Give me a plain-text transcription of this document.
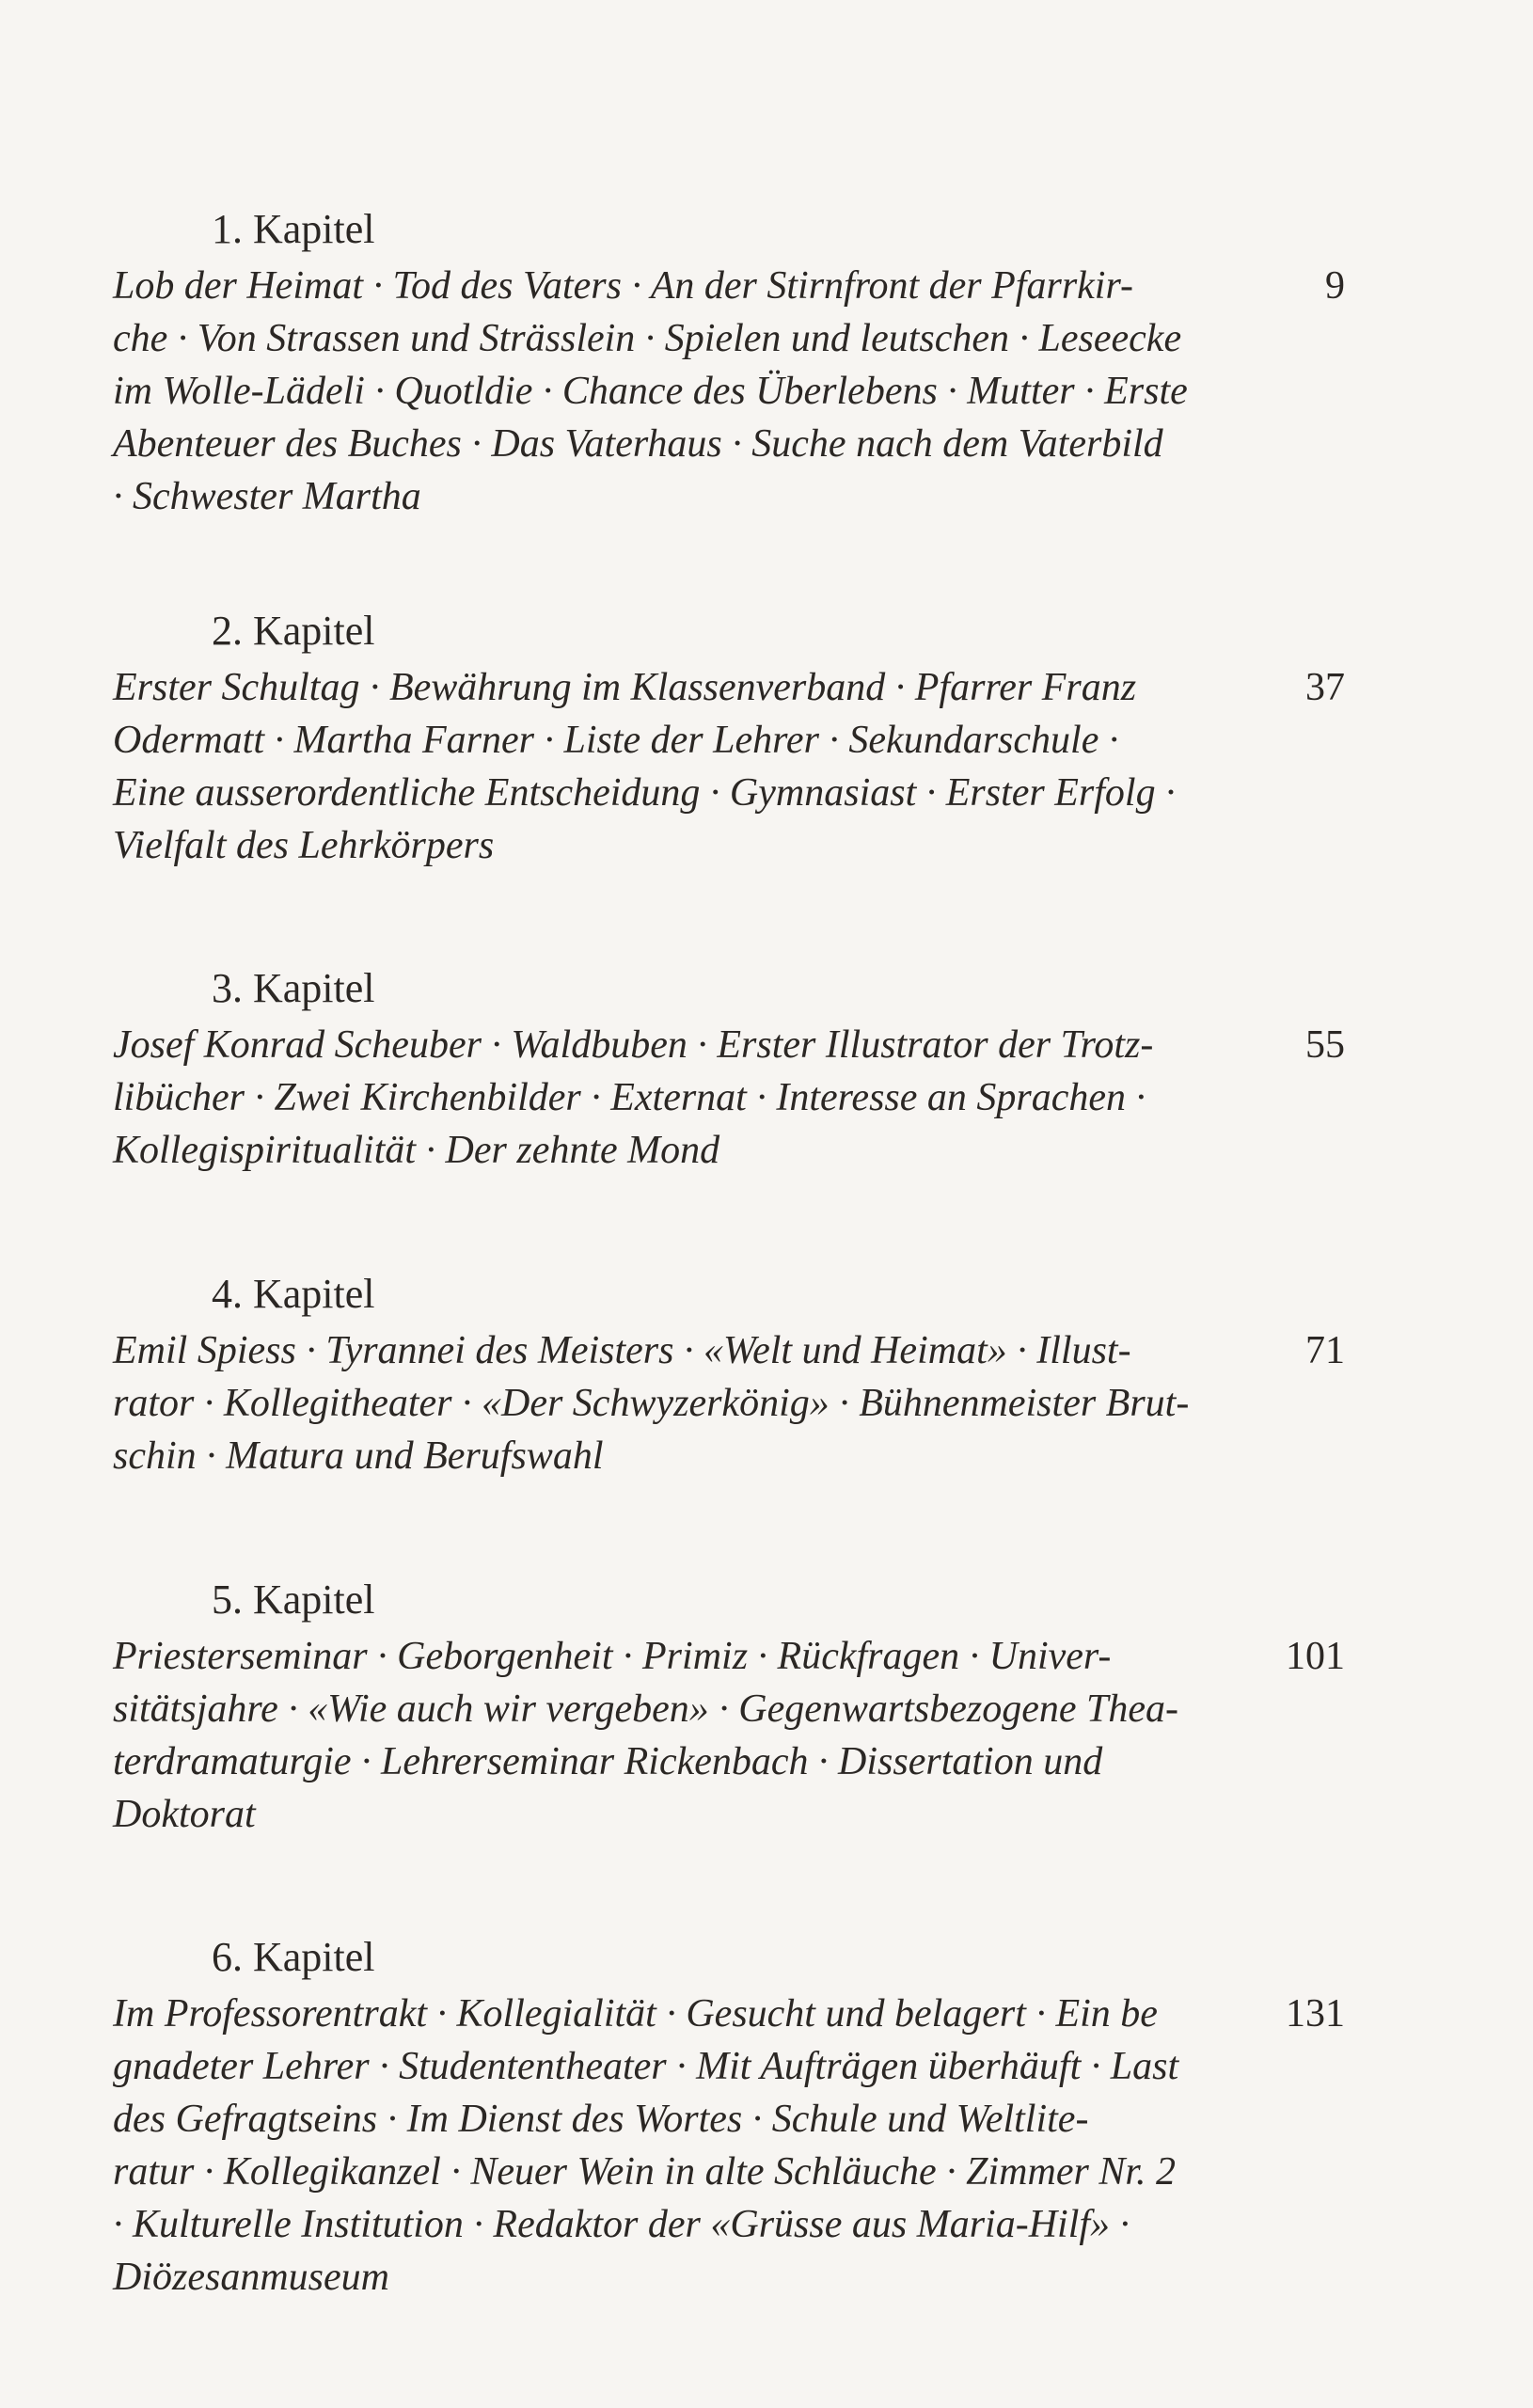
1. Kapitel
Lob der Heimat · Tod des Vaters · An der Stirnfront der Pfarrkir-
che · Von Strassen und Strässlein · Spielen und leutschen · Leseecke
im Wolle-Lädeli · Quotldie · Chance des Überlebens · Mutter · Erste
Abenteuer des Buches · Das Vaterhaus · Suche nach dem Vaterbild
· Schwester Martha
9
2. Kapitel
Erster Schultag · Bewährung im Klassenverband · Pfarrer Franz
Odermatt · Martha Farner · Liste der Lehrer · Sekundarschule ·
Eine ausserordentliche Entscheidung · Gymnasiast · Erster Erfolg ·
Vielfalt des Lehrkörpers
37
3. Kapitel
Josef Konrad Scheuber · Waldbuben · Erster Illustrator der Trotz-
libücher · Zwei Kirchenbilder · Externat · Interesse an Sprachen ·
Kollegispiritualität · Der zehnte Mond
55
4. Kapitel
Emil Spiess · Tyrannei des Meisters · «Welt und Heimat» · Illust-
rator · Kollegitheater · «Der Schwyzerkönig» · Bühnenmeister Brut-
schin · Matura und Berufswahl
71
5. Kapitel
Priesterseminar · Geborgenheit · Primiz · Rückfragen · Univer-
sitätsjahre · «Wie auch wir vergeben» · Gegenwartsbezogene Thea-
terdramaturgie · Lehrerseminar Rickenbach · Dissertation und
Doktorat
101
6. Kapitel
Im Professorentrakt · Kollegialität · Gesucht und belagert · Ein be
gnadeter Lehrer · Studententheater · Mit Aufträgen überhäuft · Last
des Gefragtseins · Im Dienst des Wortes · Schule und Weltlite-
ratur · Kollegikanzel · Neuer Wein in alte Schläuche · Zimmer Nr. 2
· Kulturelle Institution · Redaktor der «Grüsse aus Maria-Hilf» ·
Diözesanmuseum
131
